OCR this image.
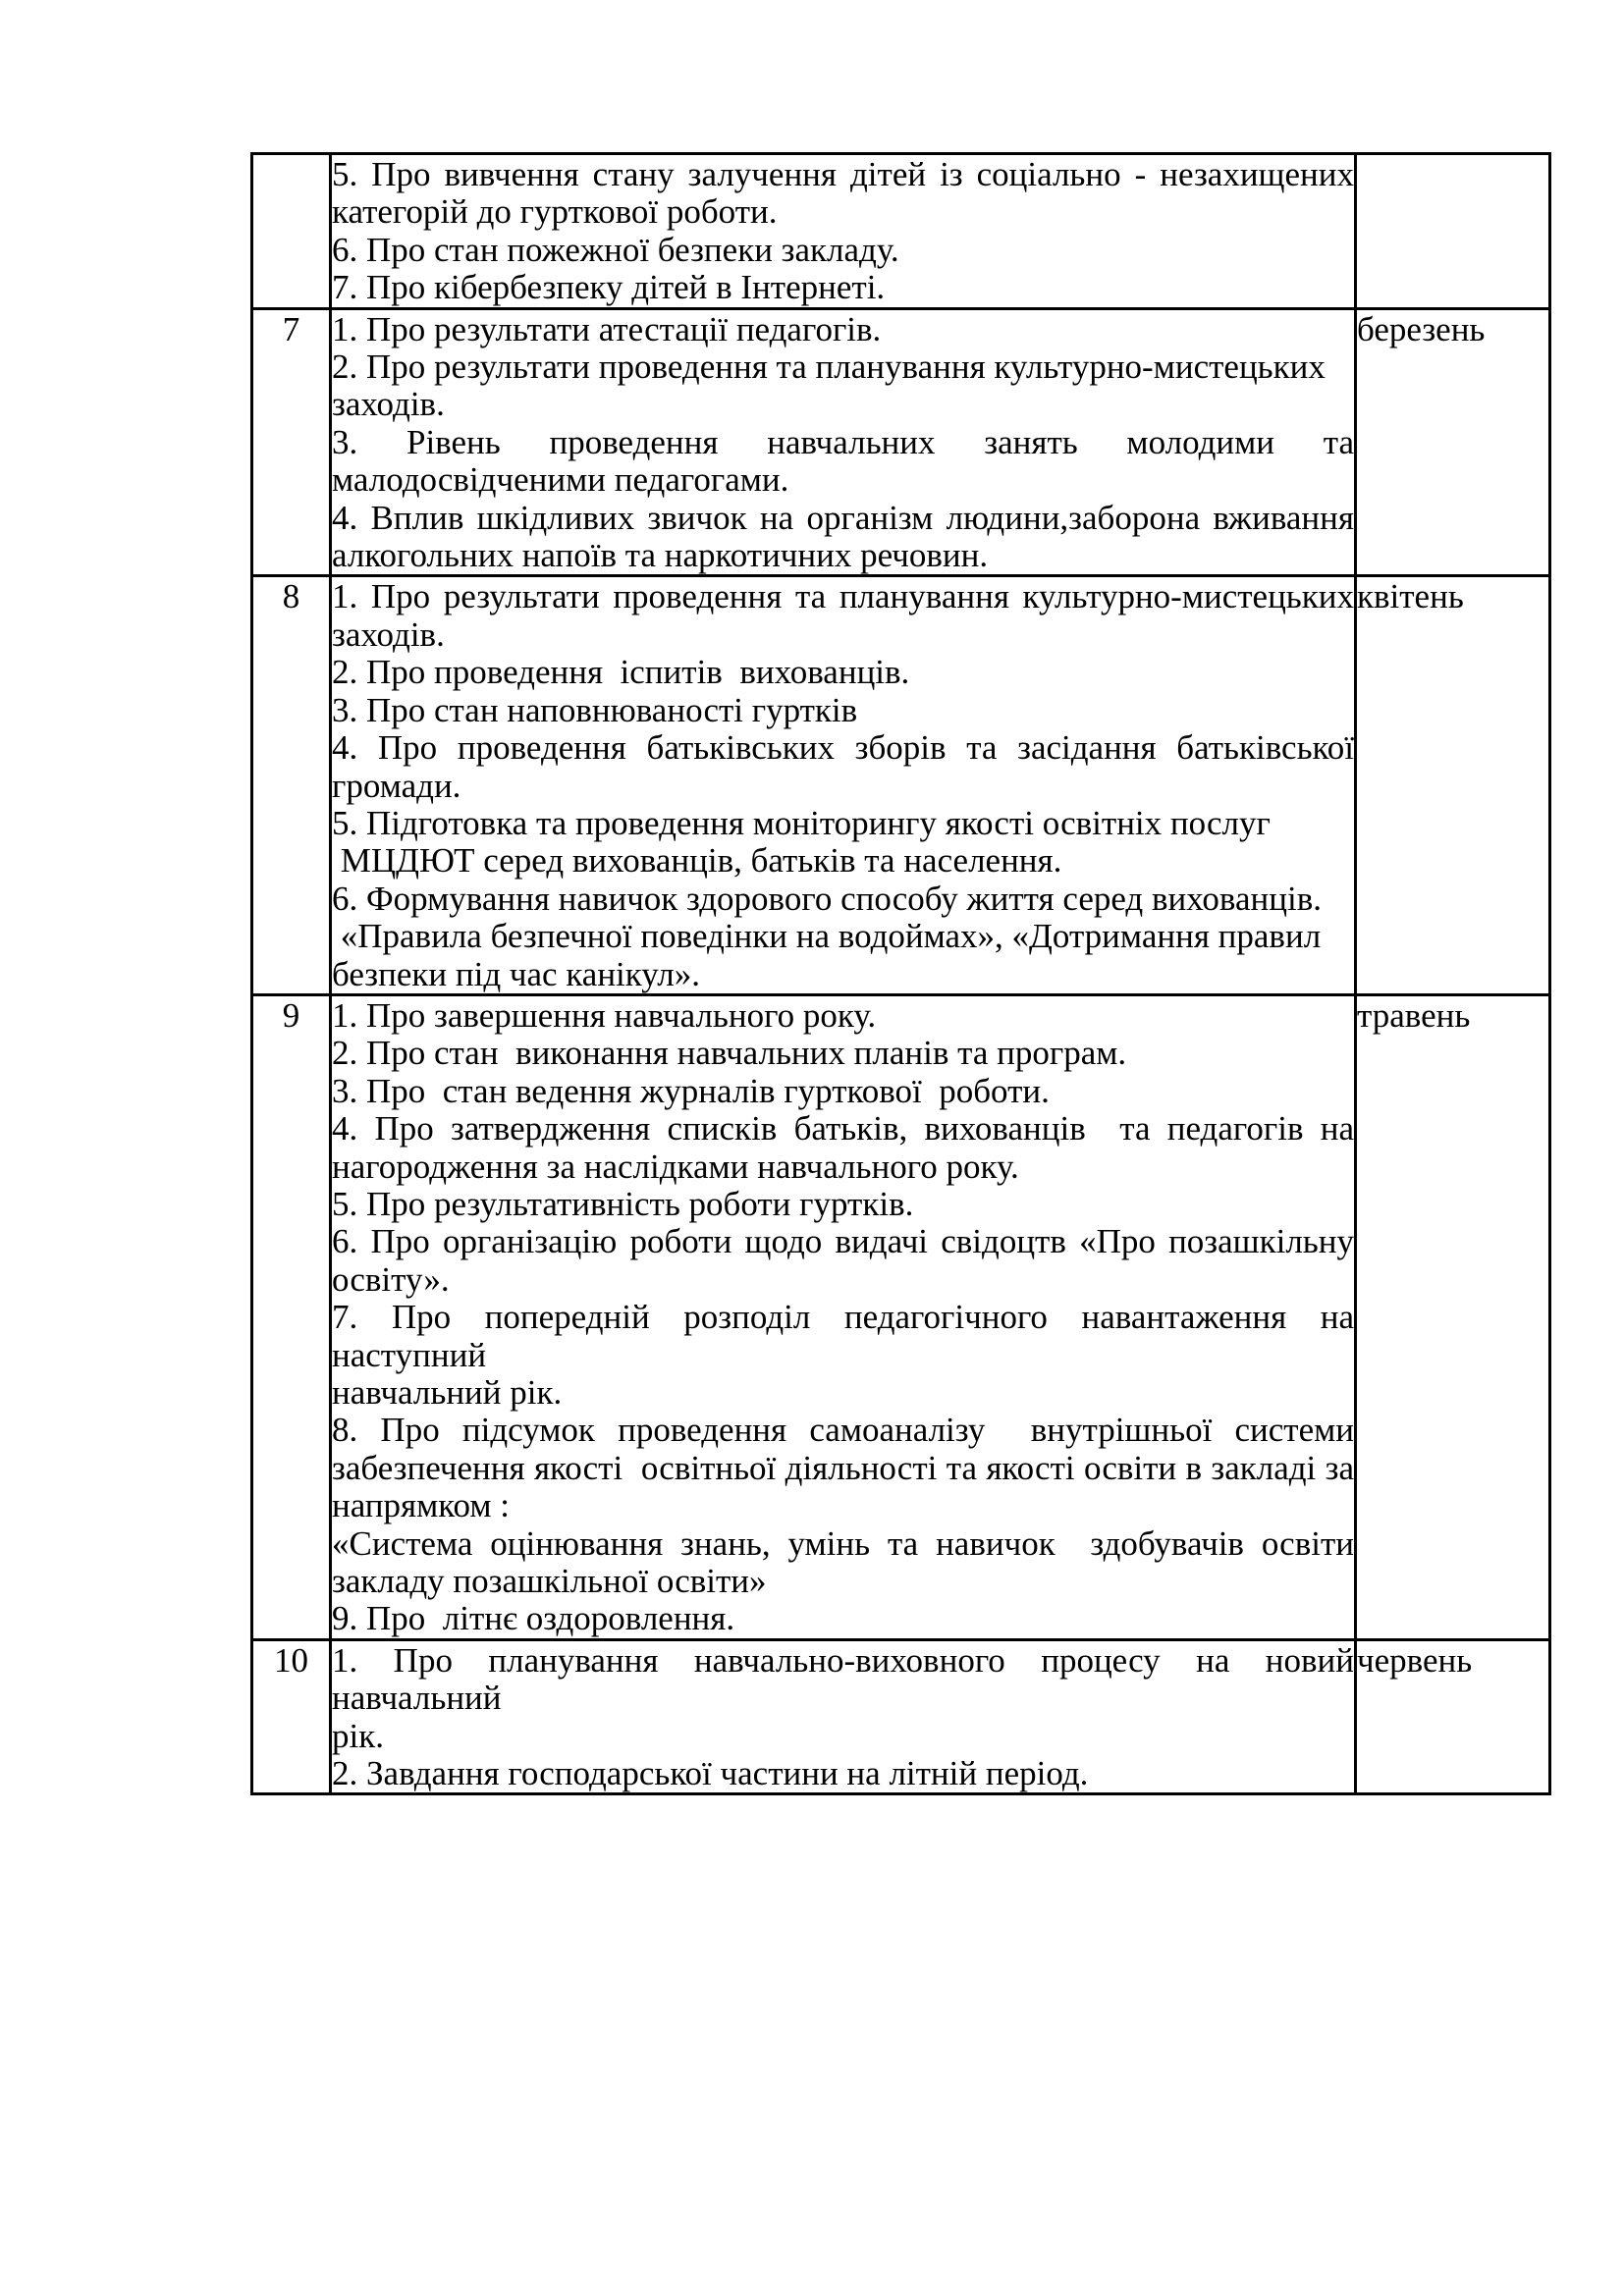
	5. Про вивчення стану залучення дітей із соціально - незахищених
категорій до гурткової роботи.
6. Про стан пожежної безпеки закладу.
7. Про кібербезпеку дітей в Інтернеті.	

7	1. Про результати атестації педагогів.
2. Про результати проведення та планування культурно-мистецьких
заходів.
3. Рівень проведення навчальних занять молодими та
малодосвідченими педагогами.
4. Вплив шкідливих звичок на організм людини,заборона вживання
алкогольних напоїв та наркотичних речовин.
	березень
8	1. Про результати проведення та планування культурно-мистецьких
заходів.
2. Про проведення  іспитів  вихованців.
3. Про стан наповнюваності гуртків
4. Про проведення батьківських зборів та засідання батьківської
громади.
5. Підготовка та проведення моніторингу якості освітніх послуг
МЦДЮТ серед вихованців, батьків та населення.
6. Формування навичок здорового способу життя серед вихованців.
«Правила безпечної поведінки на водоймах», «Дотримання правил
безпеки під час канікул».
	квітень
9	1. Про завершення навчального року.
2. Про стан  виконання навчальних планів та програм.
3. Про  стан ведення журналів гурткової  роботи.
4. Про затвердження списків батьків, вихованців  та педагогів на
нагородження за наслідками навчального року.
5. Про результативність роботи гуртків.
6. Про організацію роботи щодо видачі свідоцтв «Про позашкільну
освіту».
7. Про попередній розподіл педагогічного навантаження на наступний
навчальний рік.
8. Про підсумок проведення самоаналізу  внутрішньої системи
забезпечення якості  освітньої діяльності та якості освіти в закладі за
напрямком :
«Система оцінювання знань, умінь та навичок  здобувачів освіти
закладу позашкільної освіти»
9. Про  літнє оздоровлення.
	травень
10	1. Про планування навчально-виховного процесу на новий навчальний
рік.
2. Завдання господарської частини на літній період.	червень
